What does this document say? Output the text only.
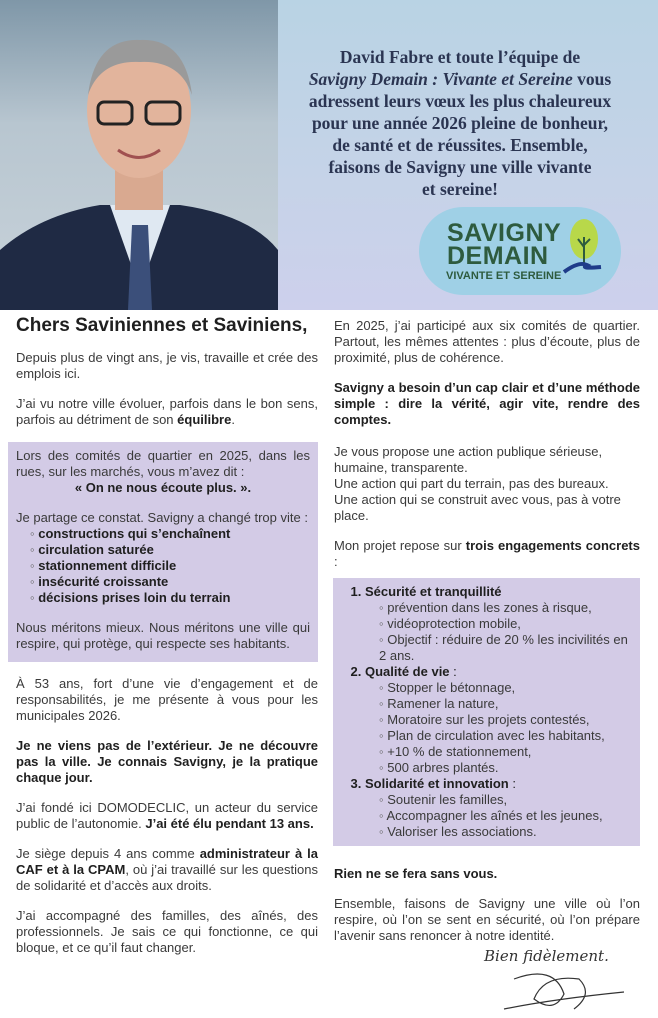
David Fabre et toute l’équipe de
Savigny Demain : Vivante et Sereine vous
adressent leurs vœux les plus chaleureux
pour une année 2026 pleine de bonheur,
de santé et de réussites. Ensemble,
faisons de Savigny une ville vivante
et sereine!
SAVIGNY
DEMAIN
VIVANTE ET SEREINE
Chers Saviniennes et Saviniens,

Depuis plus de vingt ans, je vis, travaille et crée des emplois ici.

J’ai vu notre ville évoluer, parfois dans le bon sens, parfois au détriment de son équilibre.

Lors des comités de quartier en 2025, dans les rues, sur les marchés, vous m’avez dit :

« On ne nous écoute plus. ».

Je partage ce constat. Savigny a changé trop vite :

◦ constructions qui s’enchaînent
◦ circulation saturée
◦ stationnement difficile
◦ insécurité croissante
◦ décisions prises loin du terrain

Nous méritons mieux. Nous méritons une ville qui respire, qui protège, qui respecte ses habitants.

À 53 ans, fort d’une vie d’engagement et de responsabilités, je me présente à vous pour les municipales 2026.

Je ne viens pas de l’extérieur. Je ne découvre pas la ville. Je connais Savigny, je la pratique chaque jour.

J’ai fondé ici DOMODECLIC, un acteur du service public de l’autonomie. J’ai été élu pendant 13 ans.

Je siège depuis 4 ans comme administrateur à la CAF et à la CPAM, où j’ai travaillé sur les questions de solidarité et d’accès aux droits.

J’ai accompagné des familles, des aînés, des professionnels. Je sais ce qui fonctionne, ce qui bloque, et ce qu’il faut changer.

En 2025, j’ai participé aux six comités de quartier. Partout, les mêmes attentes : plus d’écoute, plus de proximité, plus de cohérence.

Savigny a besoin d’un cap clair et d’une méthode simple : dire la vérité, agir vite, rendre des comptes.

Je vous propose une action publique sérieuse, humaine, transparente.
Une action qui part du terrain, pas des bureaux.
Une action qui se construit avec vous, pas à votre place.

Mon projet repose sur trois engagements concrets :

1. Sécurité et tranquillité
◦ prévention dans les zones à risque,
◦ vidéoprotection mobile,
◦ Objectif : réduire de 20 % les incivilités en 2 ans.
2. Qualité de vie :
◦ Stopper le bétonnage,
◦ Ramener la nature,
◦ Moratoire sur les projets contestés,
◦ Plan de circulation avec les habitants,
◦ +10 % de stationnement,
◦ 500 arbres plantés.
3. Solidarité et innovation :
◦ Soutenir les familles,
◦ Accompagner les aînés et les jeunes,
◦ Valoriser les associations.

Rien ne se fera sans vous.

Ensemble, faisons de Savigny une ville où l’on respire, où l’on se sent en sécurité, où l’on prépare l’avenir sans renoncer à notre identité.

Bien fidèlement.
